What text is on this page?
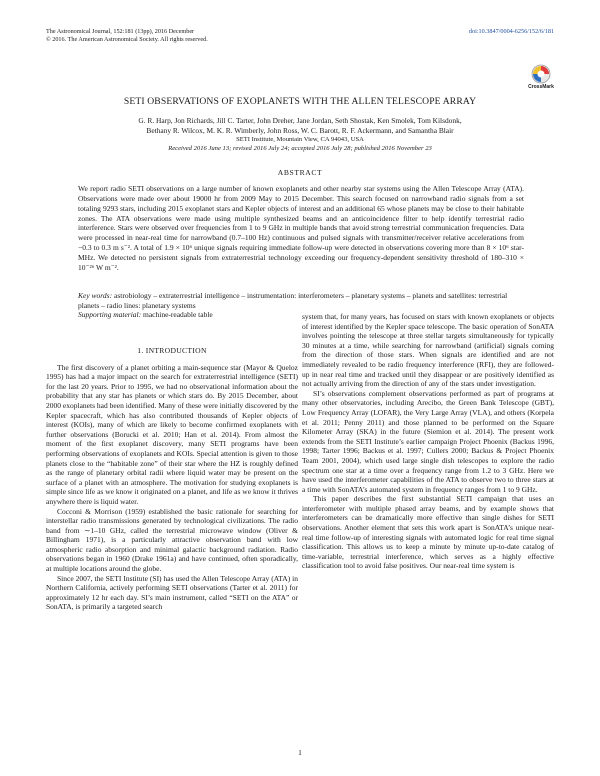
The Astronomical Journal, 152:181 (13pp), 2016 December
© 2016. The American Astronomical Society. All rights reserved.
doi:10.3847/0004-6256/152/6/181
CrossMark
SETI OBSERVATIONS OF EXOPLANETS WITH THE ALLEN TELESCOPE ARRAY
G. R. Harp, Jon Richards, Jill C. Tarter, John Dreher, Jane Jordan, Seth Shostak, Ken Smolek, Tom Kilsdonk,
Bethany R. Wilcox, M. K. R. Wimberly, John Ross, W. C. Barott, R. F. Ackermann, and Samantha Blair
SETI Institute, Mountain View, CA 94043, USA
Received 2016 June 13; revised 2016 July 24; accepted 2016 July 28; published 2016 November 23
ABSTRACT
We report radio SETI observations on a large number of known exoplanets and other nearby star systems using the Allen Telescope Array (ATA). Observations were made over about 19000 hr from 2009 May to 2015 December. This search focused on narrowband radio signals from a set totaling 9293 stars, including 2015 exoplanet stars and Kepler objects of interest and an additional 65 whose planets may be close to their habitable zones. The ATA observations were made using multiple synthesized beams and an anticoincidence filter to help identify terrestrial radio interference. Stars were observed over frequencies from 1 to 9 GHz in multiple bands that avoid strong terrestrial communication frequencies. Data were processed in near-real time for narrowband (0.7–100 Hz) continuous and pulsed signals with transmitter/receiver relative accelerations from −0.3 to 0.3 m s⁻². A total of 1.9 × 10⁶ unique signals requiring immediate follow-up were detected in observations covering more than 8 × 10⁶ star-MHz. We detected no persistent signals from extraterrestrial technology exceeding our frequency-dependent sensitivity threshold of 180–310 × 10⁻²⁶ W m⁻².
Key words: astrobiology – extraterrestrial intelligence – instrumentation: interferometers – planetary systems – planets and satellites: terrestrial planets – radio lines: planetary systems
Supporting material: machine-readable table
1. INTRODUCTION

The first discovery of a planet orbiting a main-sequence star (Mayor & Queloz 1995) has had a major impact on the search for extraterrestrial intelligence (SETI) for the last 20 years. Prior to 1995, we had no observational information about the probability that any star has planets or which stars do. By 2015 December, about 2000 exoplanets had been identified. Many of these were initially discovered by the Kepler spacecraft, which has also contributed thousands of Kepler objects of interest (KOIs), many of which are likely to become confirmed exoplanets with further observations (Borucki et al. 2010; Han et al. 2014). From almost the moment of the first exoplanet discovery, many SETI programs have been performing observations of exoplanets and KOIs. Special attention is given to those planets close to the “habitable zone” of their star where the HZ is roughly defined as the range of planetary orbital radii where liquid water may be present on the surface of a planet with an atmosphere. The motivation for studying exoplanets is simple since life as we know it originated on a planet, and life as we know it thrives anywhere there is liquid water.

Cocconi & Morrison (1959) established the basic rationale for searching for interstellar radio transmissions generated by technological civilizations. The radio band from ∼1–10 GHz, called the terrestrial microwave window (Oliver & Billingham 1971), is a particularly attractive observation band with low atmospheric radio absorption and minimal galactic background radiation. Radio observations began in 1960 (Drake 1961a) and have continued, often sporadically, at multiple locations around the globe.

Since 2007, the SETI Institute (SI) has used the Allen Telescope Array (ATA) in Northern California, actively performing SETI observations (Tarter et al. 2011) for approximately 12 hr each day. SI’s main instrument, called “SETI on the ATA” or SonATA, is primarily a targeted search

system that, for many years, has focused on stars with known exoplanets or objects of interest identified by the Kepler space telescope. The basic operation of SonATA involves pointing the telescope at three stellar targets simultaneously for typically 30 minutes at a time, while searching for narrowband (artificial) signals coming from the direction of those stars. When signals are identified and are not immediately revealed to be radio frequency interference (RFI), they are followed-up in near real time and tracked until they disappear or are positively identified as not actually arriving from the direction of any of the stars under investigation.

SI’s observations complement observations performed as part of programs at many other observatories, including Arecibo, the Green Bank Telescope (GBT), Low Frequency Array (LOFAR), the Very Large Array (VLA), and others (Korpela et al. 2011; Penny 2011) and those planned to be performed on the Square Kilometer Array (SKA) in the future (Siemion et al. 2014). The present work extends from the SETI Institute’s earlier campaign Project Phoenix (Backus 1996, 1998; Tarter 1996; Backus et al. 1997; Cullers 2000; Backus & Project Phoenix Team 2001, 2004), which used large single dish telescopes to explore the radio spectrum one star at a time over a frequency range from 1.2 to 3 GHz. Here we have used the interferometer capabilities of the ATA to observe two to three stars at a time with SonATA’s automated system in frequency ranges from 1 to 9 GHz.

This paper describes the first substantial SETI campaign that uses an interferometer with multiple phased array beams, and by example shows that interferometers can be dramatically more effective than single dishes for SETI observations. Another element that sets this work apart is SonATA’s unique near-real time follow-up of interesting signals with automated logic for real time signal classification. This allows us to keep a minute by minute up-to-date catalog of time-variable, terrestrial interference, which serves as a highly effective classification tool to avoid false positives. Our near-real time system is

1
